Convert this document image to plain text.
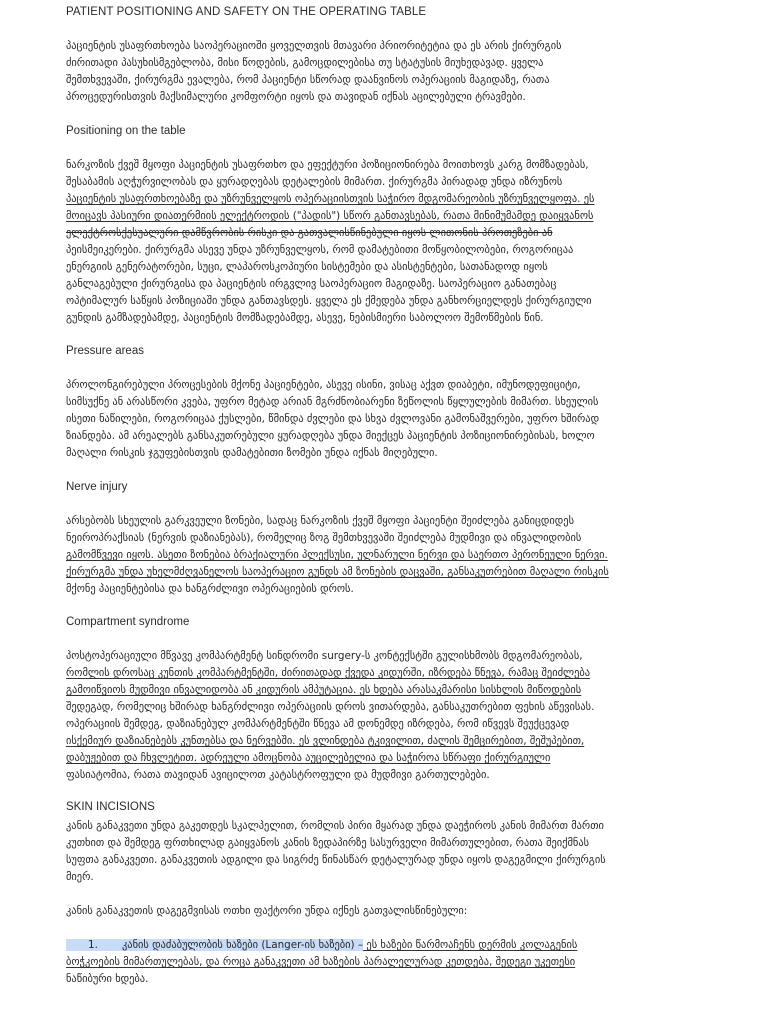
PATIENT POSITIONING AND SAFETY ON THE OPERATING TABLE
პაციენტის უსაფრთხოება საოპერაციოში ყოველთვის მთავარი პრიორიტეტია და ეს არის ქირურგის
ძირითადი პასუხისმგებლობა, მისი წოდების, გამოცდილებისა თუ სტატუსის მიუხედავად. ყველა
შემთხვევაში, ქირურგმა ევალება, რომ პაციენტი სწორად დაანვინოს ოპერაციის მაგიდაზე, რათა
პროცედურისთვის მაქსიმალური კომფორტი იყოს და თავიდან იქნას აცილებული ტრავმები.
Positioning on the table
ნარკოზის ქვეშ მყოფი პაციენტის უსაფრთხო და ეფექტური პოზიციონირება მოითხოვს კარგ მომზადებას,
შესაბამის აღჭურვილობას და ყურადღებას დეტალების მიმართ. ქირურგმა პირადად უნდა იზრუნოს
პაციენტის უსაფრთხოებაზე და უზრუნველყოს ოპერაციისთვის საჭირო მდგომარეობის უზრუნველყოფა. ეს
მოიცავს პასიური დიათერმიის ელექტროდის ("პადის") სწორ განთავსებას, რათა მინიმუმამდე დაიყვანოს
ელექტროსქესუალური დამწვრობის რისკი და გათვალისწინებული იყოს ლითონის პროთეზები ან
პეისმეიკერები. ქირურგმა ასევე უნდა უზრუნველყოს, რომ დამატებითი მოწყობილობები, როგორიცაა
ენერგიის გენერატორები, სუცი, ლაპაროსკოპიური სისტემები და ასისტენტები, სათანადოდ იყოს
განლაგებული ქირურგისა და პაციენტის ირგვლივ საოპერაციო მაგიდაზე. საოპერაციო განათებაც
ოპტიმალურ საწყის პოზიციაში უნდა განთავსდეს. ყველა ეს ქმედება უნდა განხორციელდეს ქირურგიული
გუნდის გამზადებამდე, პაციენტის მომზადებამდე, ასევე, ნებისმიერი საბოლოო შემოწმების წინ.
Pressure areas
პროლონგირებული პროცესების მქონე პაციენტები, ასევე ისინი, ვისაც აქვთ დიაბეტი, იმუნოდეფიციტი,
სიმსუქნე ან არასწორი კვება, უფრო მეტად არიან მგრძნობიარენი ზეწოლის წყლულების მიმართ. სხეულის
ისეთი ნაწილები, როგორიცაა ქუსლები, წმინდა ძვლები და სხვა ძვლოვანი გამონაშვერები, უფრო ხშირად
ზიანდება. ამ არეალებს განსაკუთრებული ყურადღება უნდა მიექცეს პაციენტის პოზიციონირებისას, ხოლო
მაღალი რისკის ჯგუფებისთვის დამატებითი ზომები უნდა იქნას მიღებული.
Nerve injury
არსებობს სხეულის გარკვეული ზონები, სადაც ნარკოზის ქვეშ მყოფი პაციენტი შეიძლება განიცდიდეს
ნეიროპრაქსიას (ნერვის დაზიანებას), რომელიც ზოგ შემთხვევაში შეიძლება მუდმივი და ინვალიდობის
გამომწვევი იყოს. ასეთი ზონებია ბრაქიალური პლექსუსი, ულნარული ნერვი და საერთო პერონეული ნერვი.
ქირურგმა უნდა უხელმძღვანელოს საოპერაციო გუნდს ამ ზონების დაცვაში, განსაკუთრებით მაღალი რისკის
მქონე პაციენტებისა და ხანგრძლივი ოპერაციების დროს.
Compartment syndrome
პოსტოპერაციული მწვავე კომპარტმენტ სინდრომი surgery-ს კონტექსტში გულისხმობს მდგომარეობას,
რომლის დროსაც კუნთის კომპარტმენტში, ძირითადად ქვედა კიდურში, იზრდება წნევა, რამაც შეიძლება
გამოიწვიოს მუდმივი ინვალიდობა ან კიდურის ამპუტაცია. ეს ხდება არასაკმარისი სისხლის მიწოდების
შედეგად, რომელიც ხშირად ხანგრძლივი ოპერაციის დროს ვითარდება, განსაკუთრებით ფეხის აწევისას.
ოპერაციის შემდეგ, დაზიანებულ კომპარტმენტში წნევა ამ დონემდე იზრდება, რომ იწვევს შეუქცევად
ისქემიურ დაზიანებებს კუნთებსა და ნერვებში. ეს ვლინდება ტკივილით, ძალის შემცირებით, შეშუპებით,
დაბუჟებით და ჩხვლეტით. ადრეული ამოცნობა აუცილებელია და საჭიროა სწრაფი ქირურგიული
ფასიატომია, რათა თავიდან ავიცილოთ კატასტროფული და მუდმივი გართულებები.
SKIN INCISIONS
კანის განაკვეთი უნდა გაკეთდეს სკალპელით, რომლის პირი მყარად უნდა დაეჭიროს კანის მიმართ მართი
კუთხით და შემდეგ ფრთხილად გაიყვანოს კანის ზედაპირზე სასურველი მიმართულებით, რათა შეიქმნას
სუფთა განაკვეთი. განაკვეთის ადგილი და სიგრძე წინასწარ დეტალურად უნდა იყოს დაგეგმილი ქირურგის
მიერ.
კანის განაკვეთის დაგეგმვისას ოთხი ფაქტორი უნდა იქნეს გათვალისწინებული:
1. კანის დაძაბულობის ხაზები (Langer-ის ხაზები) – ეს ხაზები წარმოაჩენს დერმის კოლაგენის
ბოჭკოების მიმართულებას, და როცა განაკვეთი ამ ხაზების პარალელურად კეთდება, შედეგი უკეთესი
ნაწიბური ხდება.
